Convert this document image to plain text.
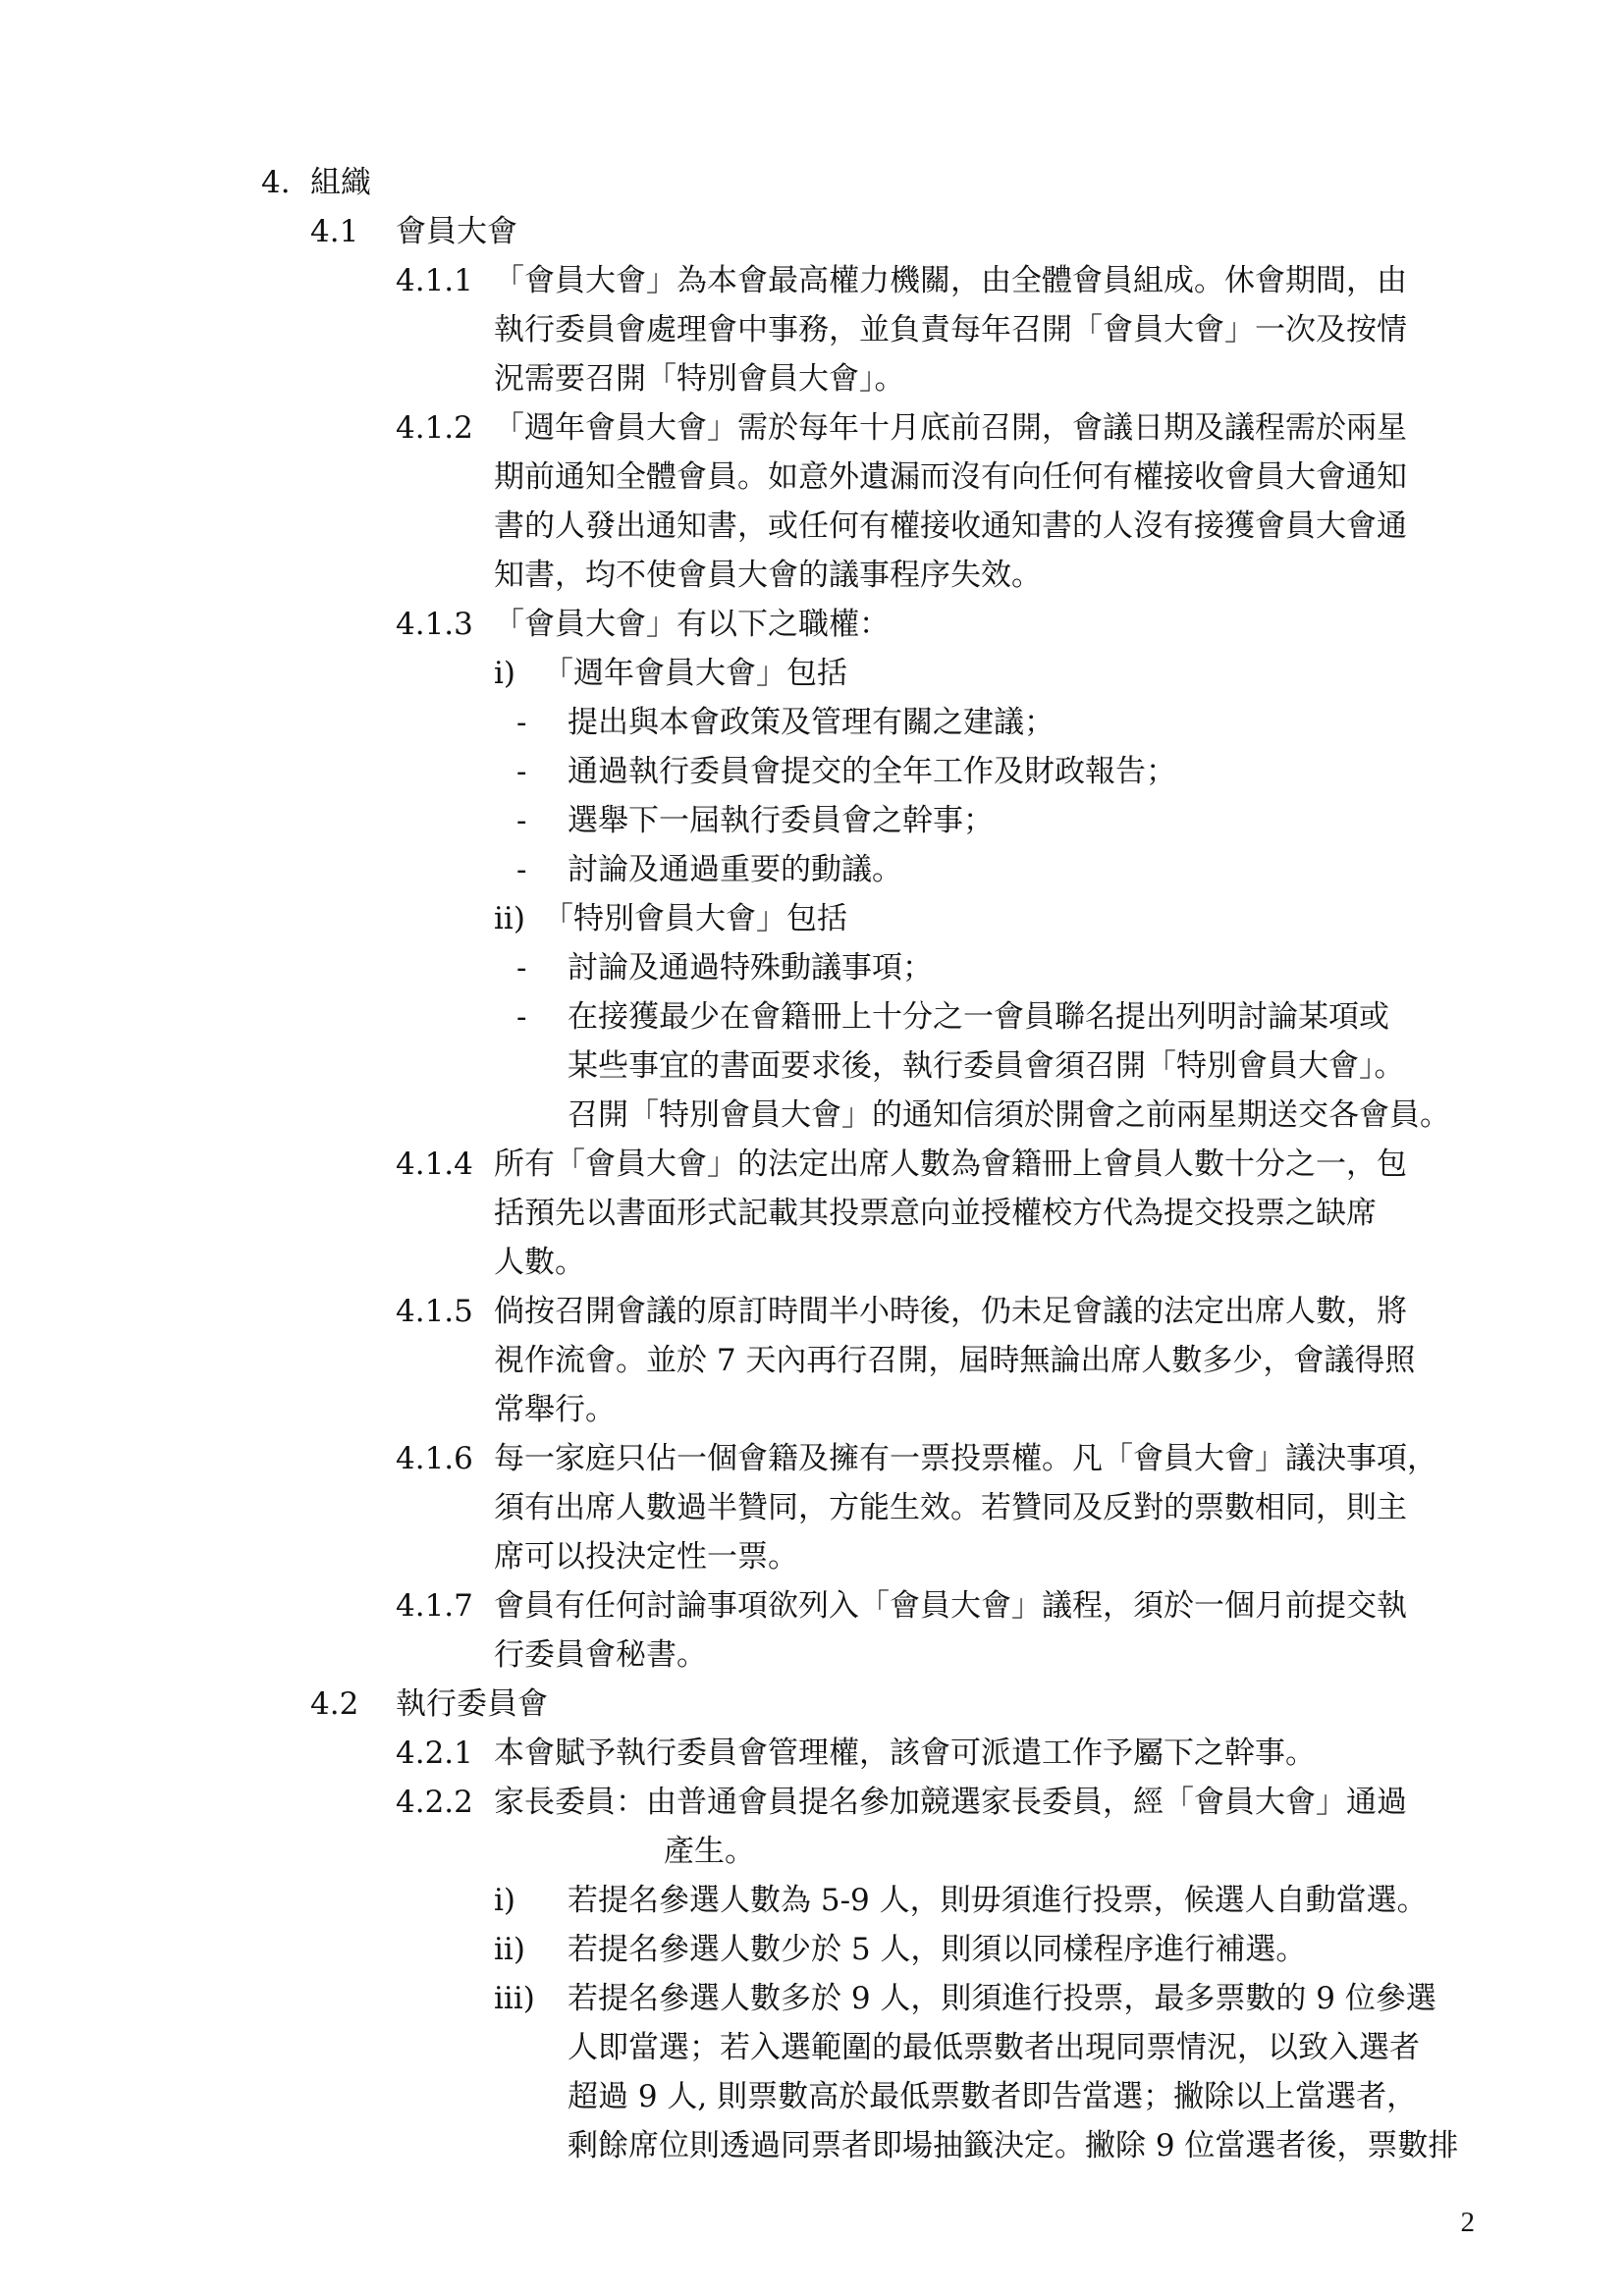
4. 組織
4.1 會員大會
4.1.1 「會員大會」為本會最高權力機關，由全體會員組成。休會期間，由
執行委員會處理會中事務，並負責每年召開「會員大會」一次及按情
況需要召開「特別會員大會」。
4.1.2 「週年會員大會」需於每年十月底前召開，會議日期及議程需於兩星
期前通知全體會員。如意外遺漏而沒有向任何有權接收會員大會通知
書的人發出通知書，或任何有權接收通知書的人沒有接獲會員大會通
知書，均不使會員大會的議事程序失效。
4.1.3 「會員大會」有以下之職權：
i) 「週年會員大會」包括
- 提出與本會政策及管理有關之建議；
- 通過執行委員會提交的全年工作及財政報告；
- 選舉下一屆執行委員會之幹事；
- 討論及通過重要的動議。
ii) 「特別會員大會」包括
- 討論及通過特殊動議事項；
- 在接獲最少在會籍冊上十分之一會員聯名提出列明討論某項或
某些事宜的書面要求後，執行委員會須召開「特別會員大會」。
召開「特別會員大會」的通知信須於開會之前兩星期送交各會員。
4.1.4 所有「會員大會」的法定出席人數為會籍冊上會員人數十分之一，包
括預先以書面形式記載其投票意向並授權校方代為提交投票之缺席
人數。
4.1.5 倘按召開會議的原訂時間半小時後，仍未足會議的法定出席人數，將
視作流會。並於 7 天內再行召開，屆時無論出席人數多少，會議得照
常舉行。
4.1.6 每一家庭只佔一個會籍及擁有一票投票權。凡「會員大會」議決事項，
須有出席人數過半贊同，方能生效。若贊同及反對的票數相同，則主
席可以投決定性一票。
4.1.7 會員有任何討論事項欲列入「會員大會」議程，須於一個月前提交執
行委員會秘書。
4.2 執行委員會
4.2.1 本會賦予執行委員會管理權，該會可派遣工作予屬下之幹事。
4.2.2 家長委員：由普通會員提名參加競選家長委員，經「會員大會」通過
產生。
i) 若提名參選人數為 5-9 人，則毋須進行投票，候選人自動當選。
ii) 若提名參選人數少於 5 人，則須以同樣程序進行補選。
iii) 若提名參選人數多於 9 人，則須進行投票，最多票數的 9 位參選
人即當選；若入選範圍的最低票數者出現同票情況，以致入選者
超過 9 人, 則票數高於最低票數者即告當選；撇除以上當選者，
剩餘席位則透過同票者即場抽籤決定。撇除 9 位當選者後，票數排
2
